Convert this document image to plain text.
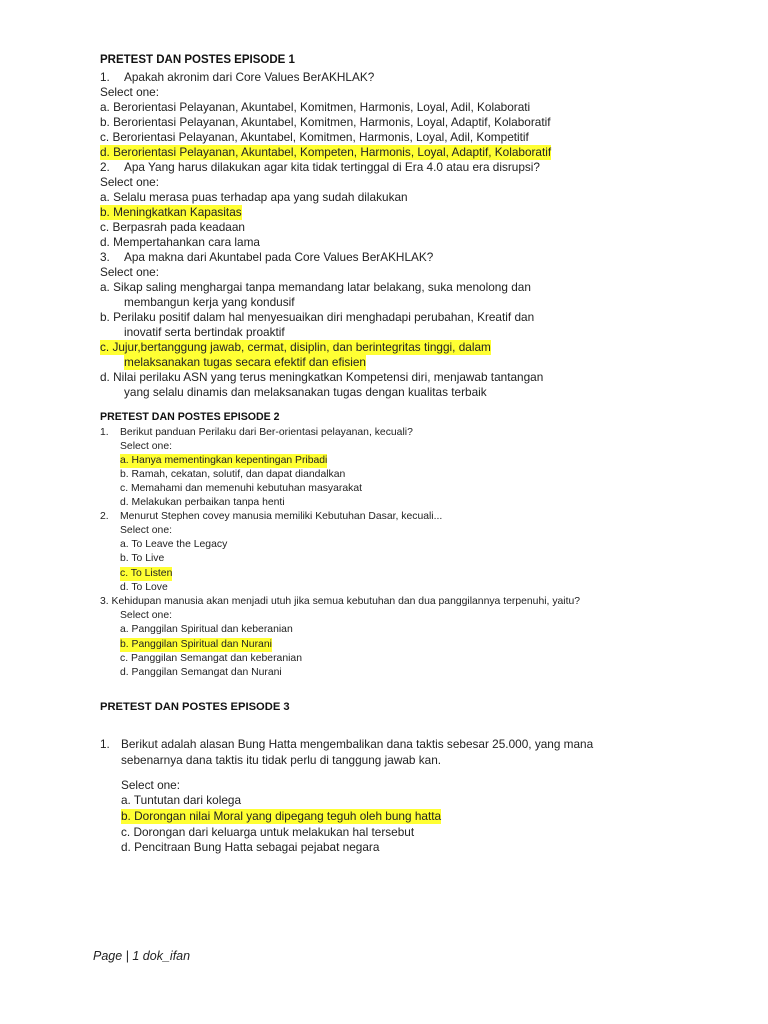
PRETEST DAN POSTES EPISODE 1
1. Apakah akronim dari Core Values BerAKHLAK?
Select one:
a. Berorientasi Pelayanan, Akuntabel, Komitmen, Harmonis, Loyal, Adil, Kolaborati
b. Berorientasi Pelayanan, Akuntabel, Komitmen, Harmonis, Loyal, Adaptif, Kolaboratif
c. Berorientasi Pelayanan, Akuntabel, Komitmen, Harmonis, Loyal, Adil, Kompetitif
d. Berorientasi Pelayanan, Akuntabel, Kompeten, Harmonis, Loyal, Adaptif, Kolaboratif
2. Apa Yang harus dilakukan agar kita tidak tertinggal di Era 4.0 atau era disrupsi?
Select one:
a. Selalu merasa puas terhadap apa yang sudah dilakukan
b. Meningkatkan Kapasitas
c. Berpasrah pada keadaan
d. Mempertahankan cara lama
3. Apa makna dari Akuntabel pada Core Values BerAKHLAK?
Select one:
a. Sikap saling menghargai tanpa memandang latar belakang, suka menolong dan
membangun kerja yang kondusif
b. Perilaku positif dalam hal menyesuaikan diri menghadapi perubahan, Kreatif dan
inovatif serta bertindak proaktif
c. Jujur,bertanggung jawab, cermat, disiplin, dan berintegritas tinggi, dalam
melaksanakan tugas secara efektif dan efisien
d. Nilai perilaku ASN yang terus meningkatkan Kompetensi diri, menjawab tantangan
yang selalu dinamis dan melaksanakan tugas dengan kualitas terbaik
PRETEST DAN POSTES EPISODE 2
1. Berikut panduan Perilaku dari Ber-orientasi pelayanan, kecuali?
Select one:
a. Hanya mementingkan kepentingan Pribadi
b. Ramah, cekatan, solutif, dan dapat diandalkan
c. Memahami dan memenuhi kebutuhan masyarakat
d. Melakukan perbaikan tanpa henti
2. Menurut Stephen covey manusia memiliki Kebutuhan Dasar, kecuali...
Select one:
a. To Leave the Legacy
b. To Live
c. To Listen
d. To Love
3. Kehidupan manusia akan menjadi utuh jika semua kebutuhan dan dua panggilannya terpenuhi, yaitu?
Select one:
a. Panggilan Spiritual dan keberanian
b. Panggilan Spiritual dan Nurani
c. Panggilan Semangat dan keberanian
d. Panggilan Semangat dan Nurani
PRETEST DAN POSTES EPISODE 3
1. Berikut adalah alasan Bung Hatta mengembalikan dana taktis sebesar 25.000, yang mana
sebenarnya dana taktis itu tidak perlu di tanggung jawab kan.
Select one:
a. Tuntutan dari kolega
b. Dorongan nilai Moral yang dipegang teguh oleh bung hatta
c. Dorongan dari keluarga untuk melakukan hal tersebut
d. Pencitraan Bung Hatta sebagai pejabat negara
Page | 1 dok_ifan
